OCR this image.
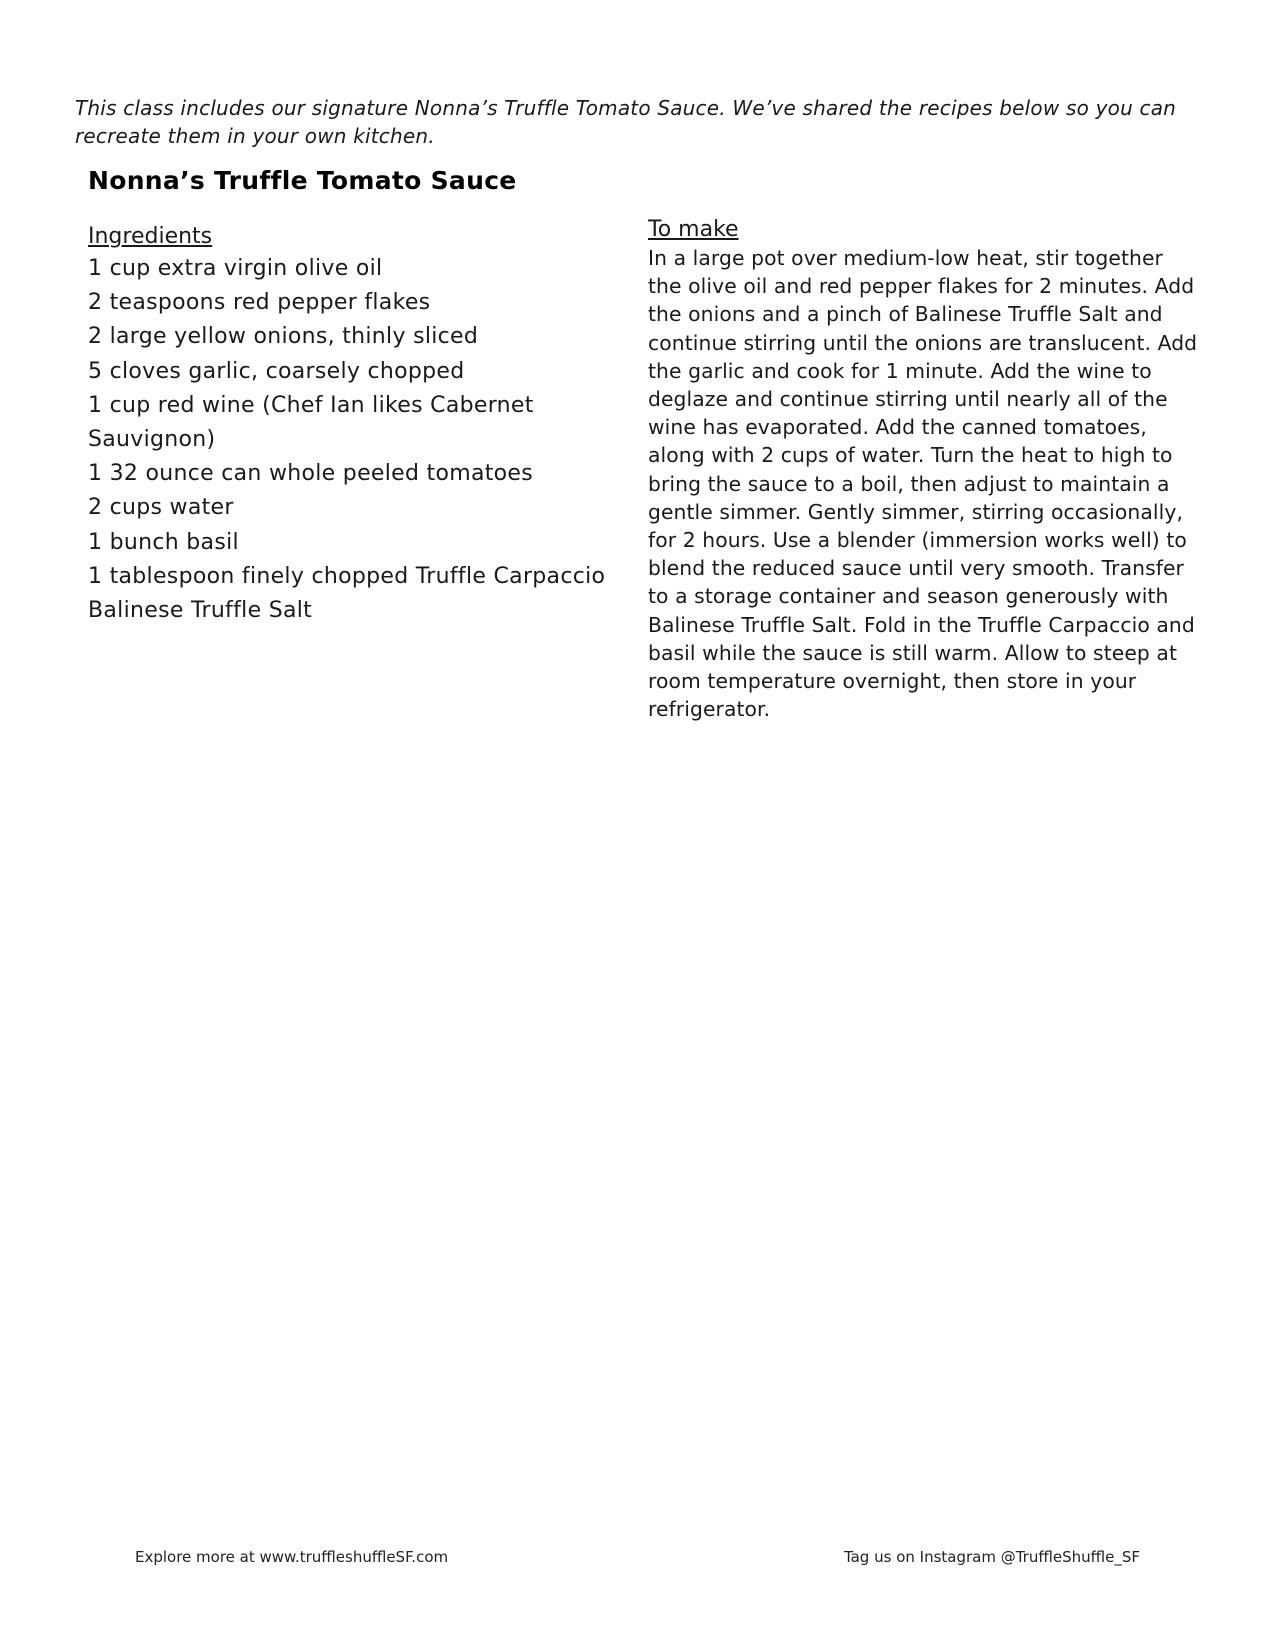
This class includes our signature Nonna’s Truffle Tomato Sauce. We’ve shared the recipes below so you can recreate them in your own kitchen.

Nonna’s Truffle Tomato Sauce
Ingredients
1 cup extra virgin olive oil
2 teaspoons red pepper flakes
2 large yellow onions, thinly sliced
5 cloves garlic, coarsely chopped
1 cup red wine (Chef Ian likes Cabernet Sauvignon)
1 32 ounce can whole peeled tomatoes
2 cups water
1 bunch basil
1 tablespoon finely chopped Truffle Carpaccio
Balinese Truffle Salt
To make

In a large pot over medium-low heat, stir together the olive oil and red pepper flakes for 2 minutes. Add the onions and a pinch of Balinese Truffle Salt and continue stirring until the onions are translucent. Add the garlic and cook for 1 minute. Add the wine to deglaze and continue stirring until nearly all of the wine has evaporated. Add the canned tomatoes, along with 2 cups of water. Turn the heat to high to bring the sauce to a boil, then adjust to maintain a gentle simmer. Gently simmer, stirring occasionally, for 2 hours. Use a blender (immersion works well) to blend the reduced sauce until very smooth. Transfer to a storage container and season generously with Balinese Truffle Salt. Fold in the Truffle Carpaccio and basil while the sauce is still warm. Allow to steep at room temperature overnight, then store in your refrigerator.

Explore more at www.truffleshuffleSF.com	Tag us on Instagram @TruffleShuffle_SF
